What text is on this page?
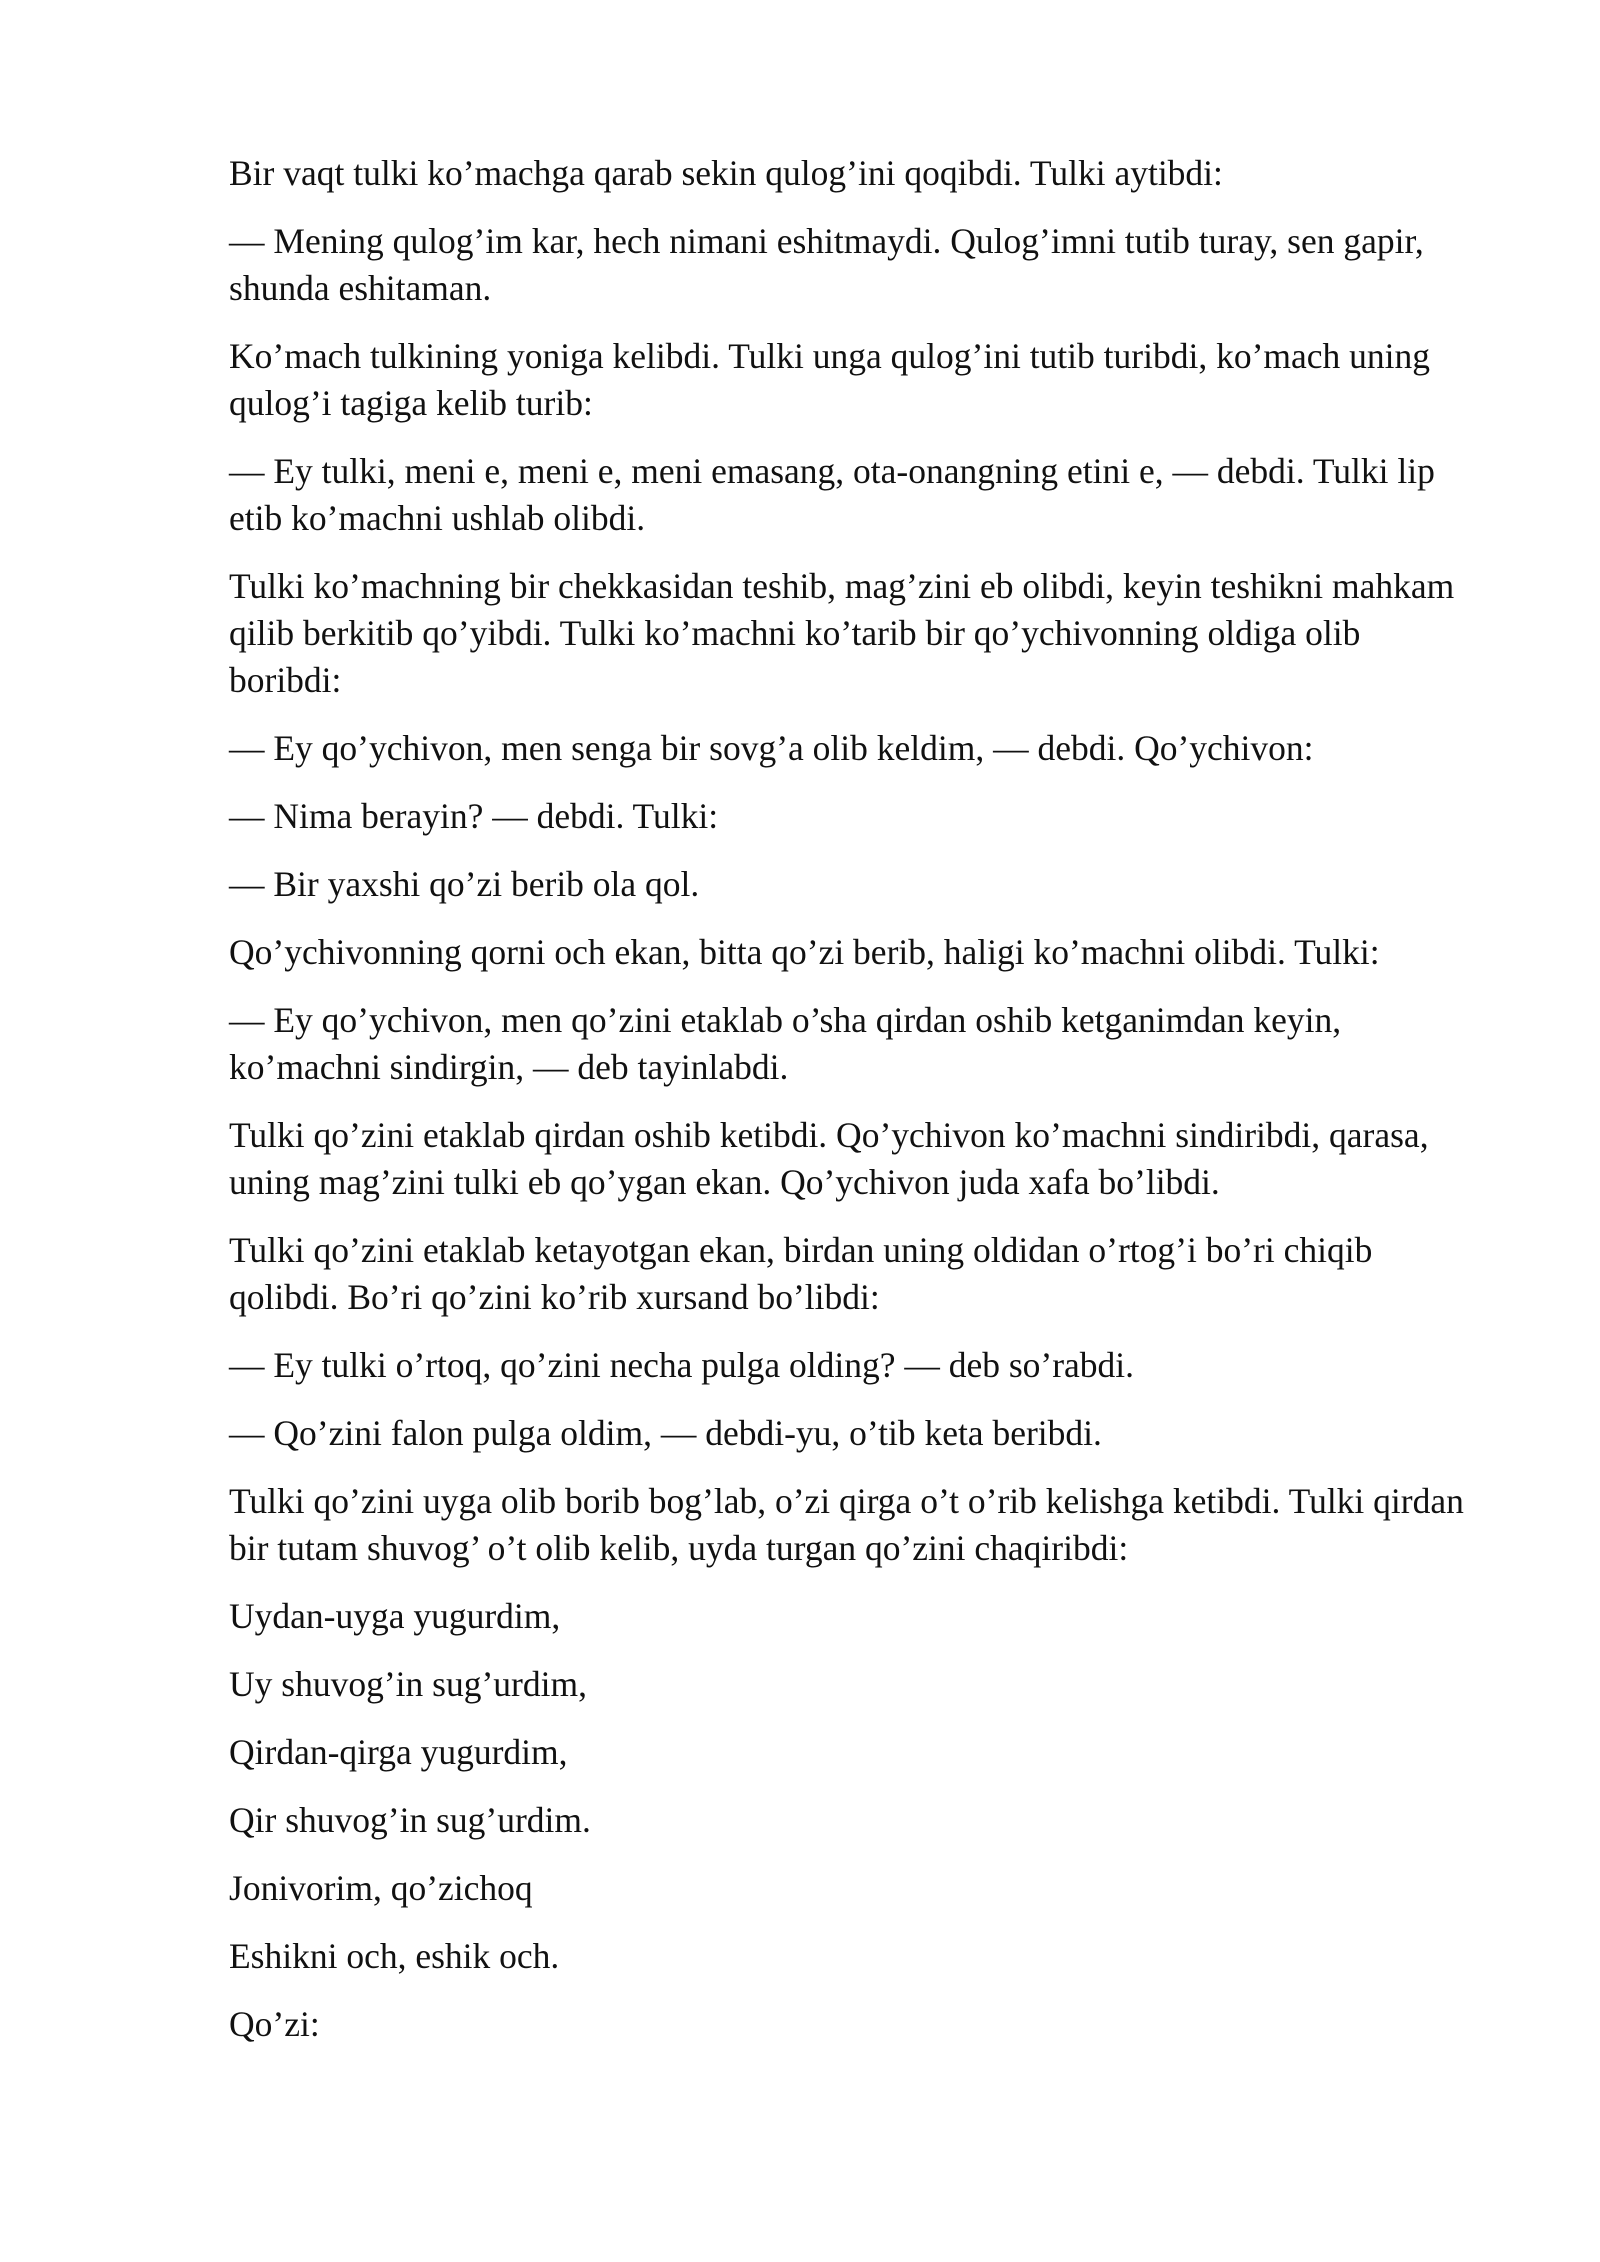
Bir vaqt tulki ko’machga qarab sekin qulog’ini qoqibdi. Tulki aytibdi:

— Mening qulog’im kar, hech nimani eshitmaydi. Qulog’imni tutib turay, sen gapir, shunda eshitaman.

Ko’mach tulkining yoniga kelibdi. Tulki unga qulog’ini tutib turibdi, ko’mach uning qulog’i tagiga kelib turib:

— Ey tulki, meni e, meni e, meni emasang, ota-onangning etini e, — debdi. Tulki lip etib ko’machni ushlab olibdi.

Tulki ko’machning bir chekkasidan teshib, mag’zini eb olibdi, keyin teshikni mahkam qilib berkitib qo’yibdi. Tulki ko’machni ko’tarib bir qo’ychivonning oldiga olib boribdi:

— Ey qo’ychivon, men senga bir sovg’a olib keldim, — debdi. Qo’ychivon:

— Nima berayin? — debdi. Tulki:

— Bir yaxshi qo’zi berib ola qol.

Qo’ychivonning qorni och ekan, bitta qo’zi berib, haligi ko’machni olibdi. Tulki:

— Ey qo’ychivon, men qo’zini etaklab o’sha qirdan oshib ketganimdan keyin, ko’machni sindirgin, — deb tayinlabdi.

Tulki qo’zini etaklab qirdan oshib ketibdi. Qo’ychivon ko’machni sindiribdi, qarasa, uning mag’zini tulki eb qo’ygan ekan. Qo’ychivon juda xafa bo’libdi.

Tulki qo’zini etaklab ketayotgan ekan, birdan uning oldidan o’rtog’i bo’ri chiqib qolibdi. Bo’ri qo’zini ko’rib xursand bo’libdi:

— Ey tulki o’rtoq, qo’zini necha pulga olding? — deb so’rabdi.

— Qo’zini falon pulga oldim, — debdi-yu, o’tib keta beribdi.

Tulki qo’zini uyga olib borib bog’lab, o’zi qirga o’t o’rib kelishga ketibdi. Tulki qirdan bir tutam shuvog’ o’t olib kelib, uyda turgan qo’zini chaqiribdi:

Uydan-uyga yugurdim,

Uy shuvog’in sug’urdim,

Qirdan-qirga yugurdim,

Qir shuvog’in sug’urdim.

Jonivorim, qo’zichoq

Eshikni och, eshik och.

Qo’zi:
